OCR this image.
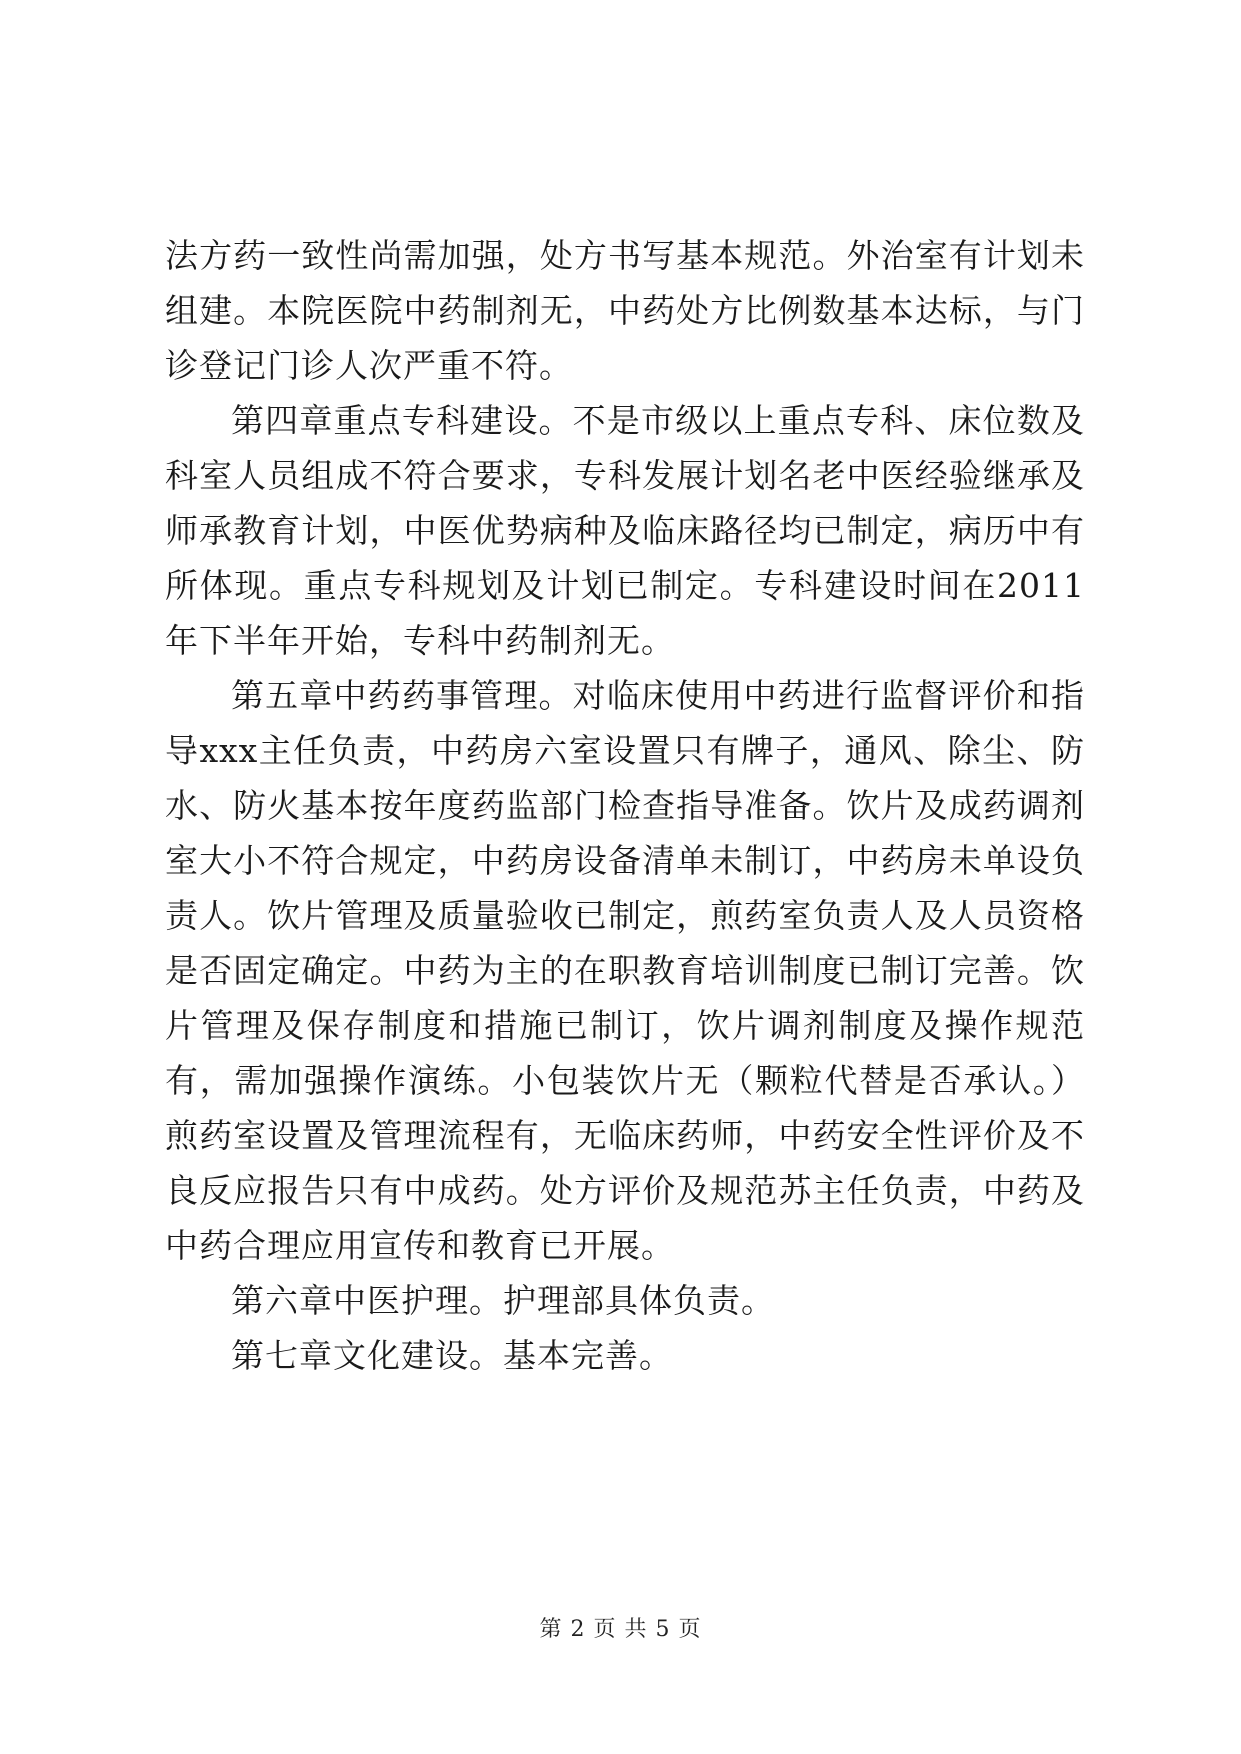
法方药一致性尚需加强，处方书写基本规范。外治室有计划未组建。本院医院中药制剂无，中药处方比例数基本达标，与门诊登记门诊人次严重不符。

第四章重点专科建设。不是市级以上重点专科、床位数及科室人员组成不符合要求，专科发展计划名老中医经验继承及师承教育计划，中医优势病种及临床路径均已制定，病历中有所体现。重点专科规划及计划已制定。专科建设时间在2011年下半年开始，专科中药制剂无。

第五章中药药事管理。对临床使用中药进行监督评价和指导xxx主任负责，中药房六室设置只有牌子，通风、除尘、防水、防火基本按年度药监部门检查指导准备。饮片及成药调剂室大小不符合规定，中药房设备清单未制订，中药房未单设负责人。饮片管理及质量验收已制定，煎药室负责人及人员资格是否固定确定。中药为主的在职教育培训制度已制订完善。饮片管理及保存制度和措施已制订，饮片调剂制度及操作规范有，需加强操作演练。小包装饮片无（颗粒代替是否承认。）煎药室设置及管理流程有，无临床药师，中药安全性评价及不良反应报告只有中成药。处方评价及规范苏主任负责，中药及中药合理应用宣传和教育已开展。

第六章中医护理。护理部具体负责。

第七章文化建设。基本完善。

第 2 页 共 5 页
